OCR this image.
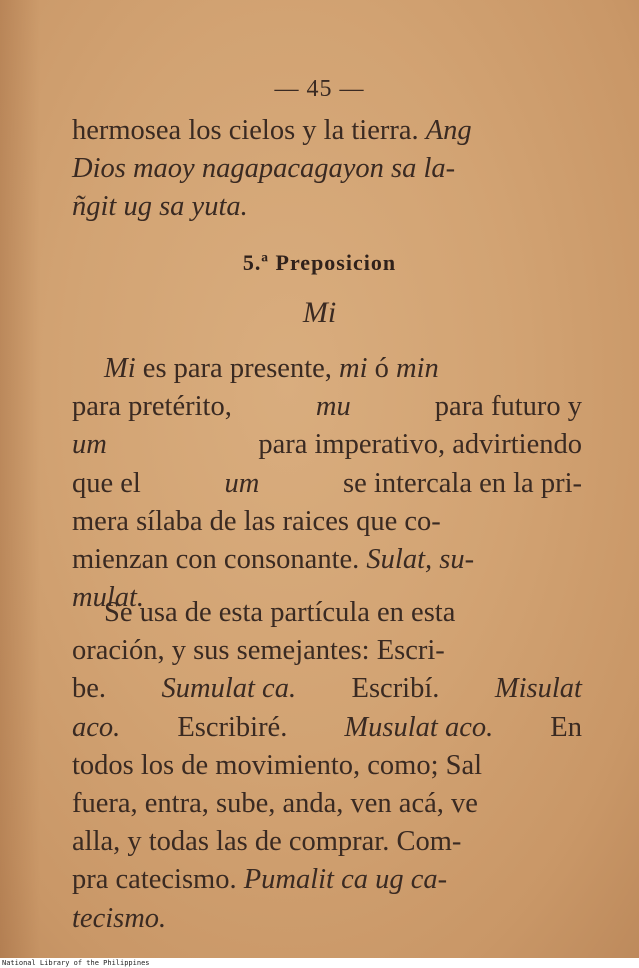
— 45 —
hermosea los cielos y la tierra. Ang
Dios maoy nagapacagayon sa la-
ñgit ug sa yuta.
5.ª Preposicion
Mi
Mi es para presente, mi ó min
para pretérito,	mu	para futuro y
um	para imperativo, advirtiendo
que el	um	se intercala en la pri-
mera sílaba de las raices que co-
mienzan con consonante. Sulat, su-
mulat.
Se usa de esta partícula en esta
oración, y sus semejantes: Escri-
be. Sumulat ca. Escribí. Misulat
aco. Escribiré. Musulat aco. En
todos los de movimiento, como; Sal
fuera, entra, sube, anda, ven acá, ve
alla, y todas las de comprar. Com-
pra catecismo. Pumalit ca ug ca-
tecismo.
National Library of the Philippines
